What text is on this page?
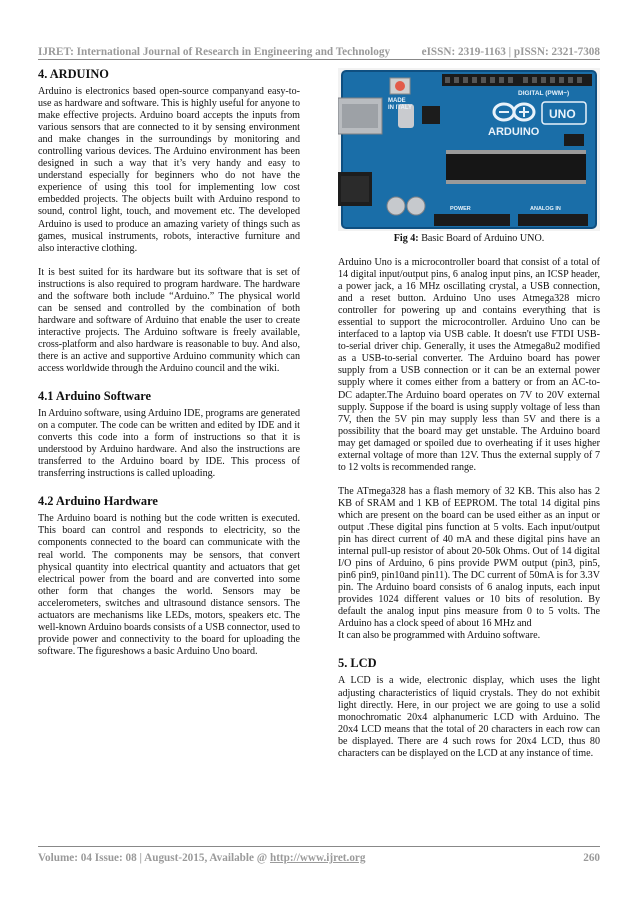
IJRET: International Journal of Research in Engineering and Technology	eISSN: 2319-1163 | pISSN: 2321-7308
4. ARDUINO

Arduino is electronics based open-source companyand easy-to-use as hardware and software. This is highly useful for anyone to make effective projects. Arduino board accepts the inputs from various sensors that are connected to it by sensing environment and make changes in the surroundings by monitoring and controlling various devices. The Arduino environment has been designed in such a way that it’s very handy and easy to understand especially for beginners who do not have the experience of using this tool for implementing low cost embedded projects. The objects built with Arduino respond to sound, control light, touch, and movement etc. The developed Arduino is used to produce an amazing variety of things such as games, musical instruments, robots, interactive furniture and also interactive clothing.

It is best suited for its hardware but its software that is set of instructions is also required to program hardware. The hardware and the software both include “Arduino.” The physical world can be sensed and controlled by the combination of both hardware and software of Arduino that enable the user to create interactive projects. The Arduino software is freely available, cross-platform and also hardware is reasonable to buy. And also, there is an active and supportive Arduino community which can access worldwide through the Arduino council and the wiki.

4.1 Arduino Software

In Arduino software, using Arduino IDE, programs are generated on a computer. The code can be written and edited by IDE and it converts this code into a form of instructions so that it is understood by Arduino hardware. And also the instructions are transferred to the Arduino board by IDE. This process of transferring instructions is called uploading.

4.2 Arduino Hardware

The Arduino board is nothing but the code written is executed. This board can control and responds to electricity, so the components connected to the board can communicate with the real world. The components may be sensors, that convert physical quantity into electrical quantity and actuators that get electrical power from the board and are converted into some other form that changes the world. Sensors may be accelerometers, switches and ultrasound distance sensors. The actuators are mechanisms like LEDs, motors, speakers etc. The well-known Arduino boards consists of a USB connector, used to provide power and connectivity to the board for uploading the software. The figureshows a basic Arduino Uno board.

MADE
IN ITALY
DIGITAL (PWM~)
UNO
ARDUINO
POWER	ANALOG IN
Fig 4: Basic Board of Arduino UNO.

Arduino Uno is a microcontroller board that consist of a total of 14 digital input/output pins, 6 analog input pins, an ICSP header, a power jack, a 16 MHz oscillating crystal, a USB connection, and a reset button. Arduino Uno uses Atmega328 micro controller for powering up and contains everything that is essential to support the microcontroller. Arduino Uno can be interfaced to a laptop via USB cable. It doesn't use FTDI USB-to-serial driver chip. Generally, it uses the Atmega8u2 modified as a USB-to-serial converter. The Arduino board has power supply from a USB connection or it can be an external power supply where it comes either from a battery or from an AC-to-DC adapter.The Arduino board operates on 7V to 20V external supply. Suppose if the board is using supply voltage of less than 7V, then the 5V pin may supply less than 5V and there is a possibility that the board may get unstable. The Arduino board may get damaged or spoiled due to overheating if it uses higher external voltage of more than 12V. Thus the external supply of 7 to 12 volts is recommended range.

The ATmega328 has a flash memory of 32 KB. This also has 2 KB of SRAM and 1 KB of EEPROM. The total 14 digital pins which are present on the board can be used either as an input or output .These digital pins function at 5 volts. Each input/output pin has direct current of 40 mA and these digital pins have an internal pull-up resistor of about 20-50k Ohms. Out of 14 digital I/O pins of Arduino, 6 pins provide PWM output (pin3, pin5, pin6 pin9, pin10and pin11). The DC current of 50mA is for 3.3V pin. The Arduino board consists of 6 analog inputs, each input provides 1024 different values or 10 bits of resolution. By default the analog input pins measure from 0 to 5 volts. The Arduino has a clock speed of about 16 MHz and

It can also be programmed with Arduino software.

5. LCD

A LCD is a wide, electronic display, which uses the light adjusting characteristics of liquid crystals. They do not exhibit light directly. Here, in our project we are going to use a solid monochromatic 20x4 alphanumeric LCD with Arduino. The 20x4 LCD means that the total of 20 characters in each row can be displayed. There are 4 such rows for 20x4 LCD, thus 80 characters can be displayed on the LCD at any instance of time.

Volume: 04 Issue: 08 | August-2015, Available @ http://www.ijret.org	260
